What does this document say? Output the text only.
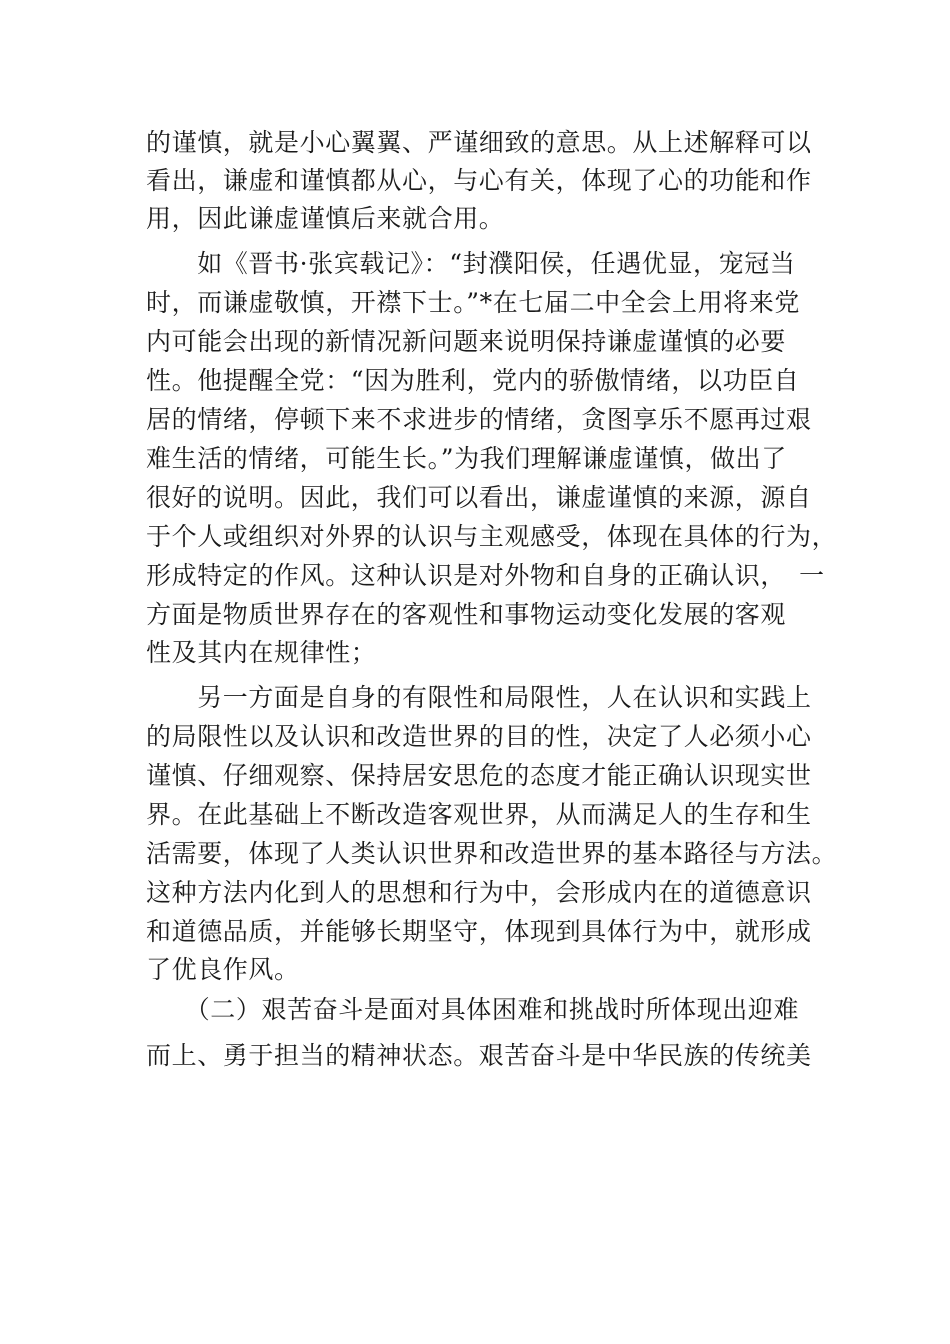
的谨慎，就是小心翼翼、严谨细致的意思。从上述解释可以
看出，谦虚和谨慎都从心，与心有关，体现了心的功能和作
用，因此谦虚谨慎后来就合用。
　　如《晋书·张宾载记》：“封濮阳侯，任遇优显，宠冠当
时，而谦虚敬慎，开襟下士。”*在七届二中全会上用将来党
内可能会出现的新情况新问题来说明保持谦虚谨慎的必要
性。他提醒全党：“因为胜利，党内的骄傲情绪，以功臣自
居的情绪，停顿下来不求进步的情绪，贪图享乐不愿再过艰
难生活的情绪，可能生长。”为我们理解谦虚谨慎，做出了
很好的说明。因此，我们可以看出，谦虚谨慎的来源，源自
于个人或组织对外界的认识与主观感受，体现在具体的行为，
形成特定的作风。这种认识是对外物和自身的正确认识，　一
方面是物质世界存在的客观性和事物运动变化发展的客观
性及其内在规律性；
　　另一方面是自身的有限性和局限性，人在认识和实践上
的局限性以及认识和改造世界的目的性，决定了人必须小心
谨慎、仔细观察、保持居安思危的态度才能正确认识现实世
界。在此基础上不断改造客观世界，从而满足人的生存和生
活需要，体现了人类认识世界和改造世界的基本路径与方法。
这种方法内化到人的思想和行为中，会形成内在的道德意识
和道德品质，并能够长期坚守，体现到具体行为中，就形成
了优良作风。
　　（二）艰苦奋斗是面对具体困难和挑战时所体现出迎难
而上、勇于担当的精神状态。艰苦奋斗是中华民族的传统美
